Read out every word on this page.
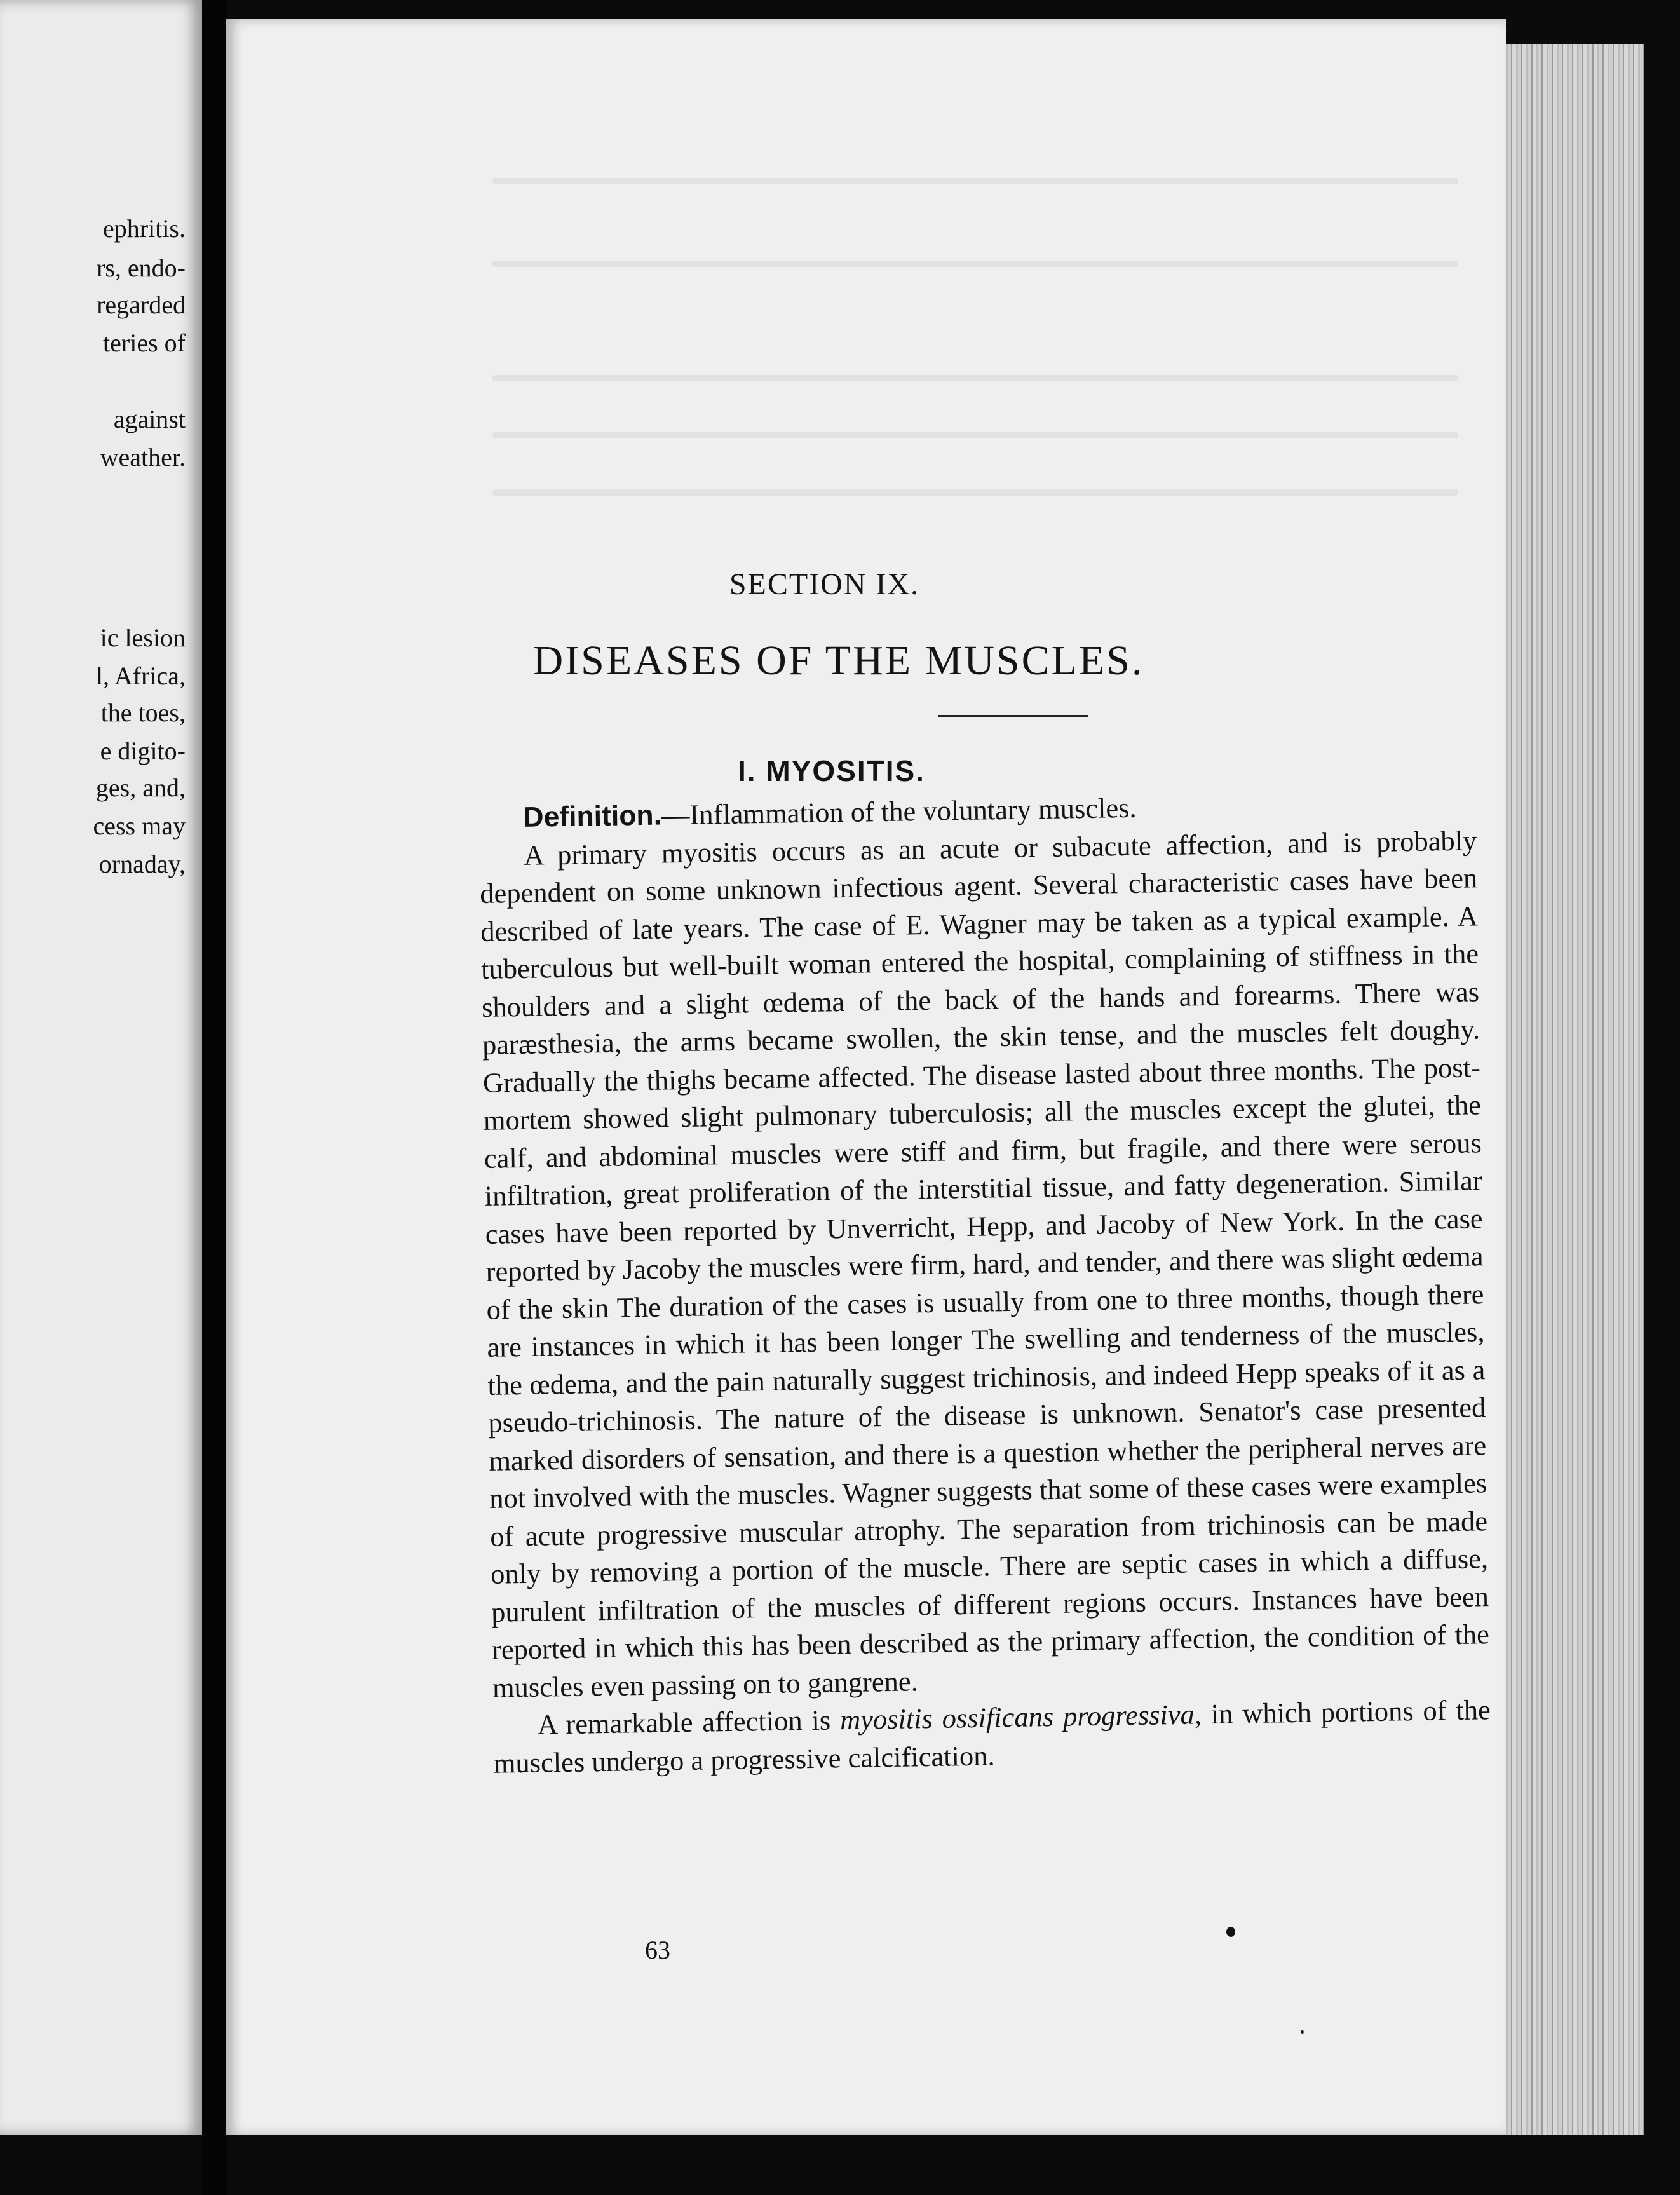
ephritis.

rs, endo-

regarded

teries of

against

weather.

ic lesion

l, Africa,

the toes,

e digito-

ges, and,

cess may

ornaday,

SECTION IX.
DISEASES OF THE MUSCLES.
I. MYOSITIS.

Definition.—Inflammation of the voluntary muscles.

A primary myositis occurs as an acute or subacute affection, and is probably dependent on some unknown infectious agent. Several characteristic cases have been described of late years. The case of E. Wagner may be taken as a typical example. A tuberculous but well-built woman entered the hospital, complaining of stiffness in the shoulders and a slight œdema of the back of the hands and forearms. There was paræsthesia, the arms became swollen, the skin tense, and the muscles felt doughy. Gradually the thighs became affected. The disease lasted about three months. The post-mortem showed slight pulmonary tuberculosis; all the muscles except the glutei, the calf, and abdominal muscles were stiff and firm, but fragile, and there were serous infiltration, great proliferation of the interstitial tissue, and fatty degeneration. Similar cases have been reported by Unverricht, Hepp, and Jacoby of New York. In the case reported by Jacoby the muscles were firm, hard, and tender, and there was slight œdema of the skin The duration of the cases is usually from one to three months, though there are instances in which it has been longer The swelling and tenderness of the muscles, the œdema, and the pain naturally suggest trichinosis, and indeed Hepp speaks of it as a pseudo-trichinosis. The nature of the disease is unknown. Senator's case presented marked disorders of sensation, and there is a question whether the peripheral nerves are not involved with the muscles. Wagner suggests that some of these cases were examples of acute progressive muscular atrophy. The separation from trichinosis can be made only by removing a portion of the muscle. There are septic cases in which a diffuse, purulent infiltration of the muscles of different regions occurs. Instances have been reported in which this has been described as the primary affection, the condition of the muscles even passing on to gangrene.

A remarkable affection is myositis ossificans progressiva, in which portions of the muscles undergo a progressive calcification.

63
